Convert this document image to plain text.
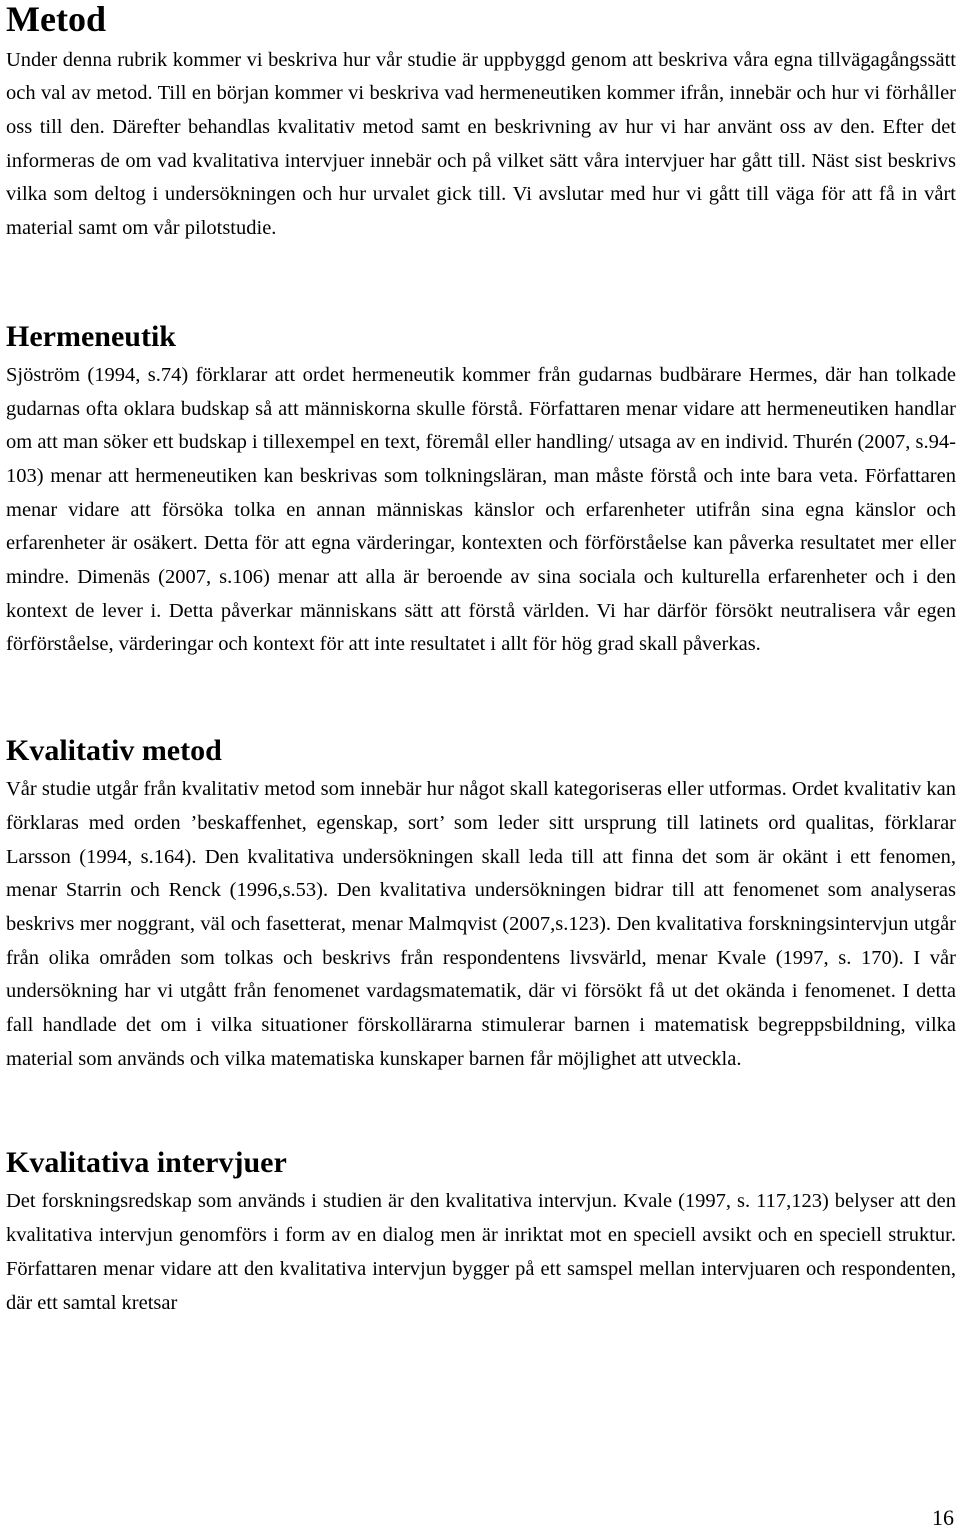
Metod

Under denna rubrik kommer vi beskriva hur vår studie är uppbyggd genom att beskriva våra egna tillvägagångssätt och val av metod. Till en början kommer vi beskriva vad hermeneutiken kommer ifrån, innebär och hur vi förhåller oss till den. Därefter behandlas kvalitativ metod samt en beskrivning av hur vi har använt oss av den. Efter det informeras de om vad kvalitativa intervjuer innebär och på vilket sätt våra intervjuer har gått till. Näst sist beskrivs vilka som deltog i undersökningen och hur urvalet gick till. Vi avslutar med hur vi gått till väga för att få in vårt material samt om vår pilotstudie.

Hermeneutik

Sjöström (1994, s.74) förklarar att ordet hermeneutik kommer från gudarnas budbärare Hermes, där han tolkade gudarnas ofta oklara budskap så att människorna skulle förstå. Författaren menar vidare att hermeneutiken handlar om att man söker ett budskap i tillexempel en text, föremål eller handling/ utsaga av en individ. Thurén (2007, s.94-103) menar att hermeneutiken kan beskrivas som tolkningsläran, man måste förstå och inte bara veta. Författaren menar vidare att försöka tolka en annan människas känslor och erfarenheter utifrån sina egna känslor och erfarenheter är osäkert. Detta för att egna värderingar, kontexten och förförståelse kan påverka resultatet mer eller mindre. Dimenäs (2007, s.106) menar att alla är beroende av sina sociala och kulturella erfarenheter och i den kontext de lever i. Detta påverkar människans sätt att förstå världen. Vi har därför försökt neutralisera vår egen förförståelse, värderingar och kontext för att inte resultatet i allt för hög grad skall påverkas.

Kvalitativ metod

Vår studie utgår från kvalitativ metod som innebär hur något skall kategoriseras eller utformas. Ordet kvalitativ kan förklaras med orden ’beskaffenhet, egenskap, sort’ som leder sitt ursprung till latinets ord qualitas, förklarar Larsson (1994, s.164). Den kvalitativa undersökningen skall leda till att finna det som är okänt i ett fenomen, menar Starrin och Renck (1996,s.53). Den kvalitativa undersökningen bidrar till att fenomenet som analyseras beskrivs mer noggrant, väl och fasetterat, menar Malmqvist (2007,s.123). Den kvalitativa forskningsintervjun utgår från olika områden som tolkas och beskrivs från respondentens livsvärld, menar Kvale (1997, s. 170). I vår undersökning har vi utgått från fenomenet vardagsmatematik, där vi försökt få ut det okända i fenomenet. I detta fall handlade det om i vilka situationer förskollärarna stimulerar barnen i matematisk begreppsbildning, vilka material som används och vilka matematiska kunskaper barnen får möjlighet att utveckla.

Kvalitativa intervjuer

Det forskningsredskap som används i studien är den kvalitativa intervjun. Kvale (1997, s. 117,123) belyser att den kvalitativa intervjun genomförs i form av en dialog men är inriktat mot en speciell avsikt och en speciell struktur. Författaren menar vidare att den kvalitativa intervjun bygger på ett samspel mellan intervjuaren och respondenten, där ett samtal kretsar

16
